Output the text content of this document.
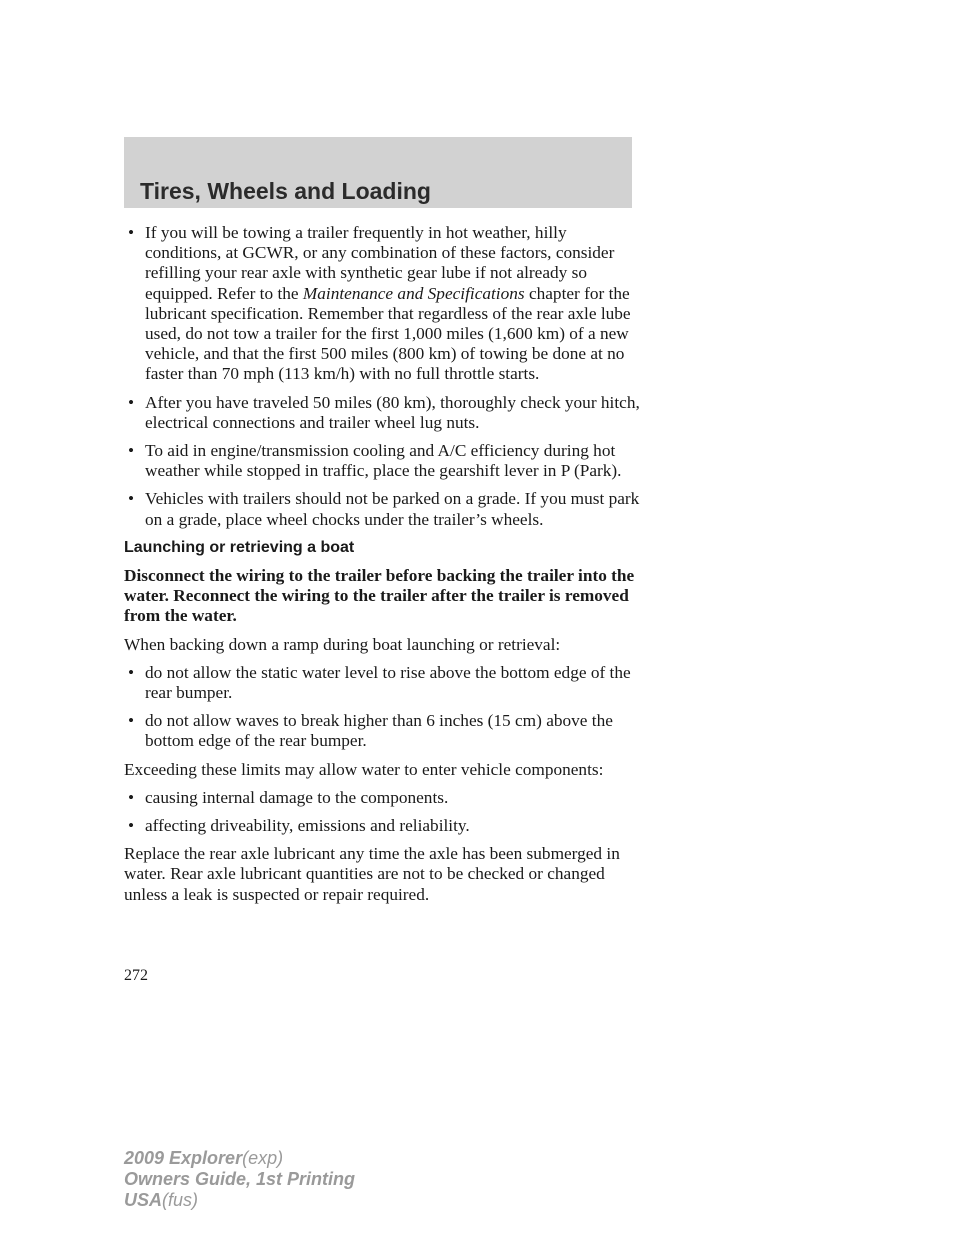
Tires, Wheels and Loading
• If you will be towing a trailer frequently in hot weather, hilly conditions, at GCWR, or any combination of these factors, consider refilling your rear axle with synthetic gear lube if not already so equipped. Refer to the Maintenance and Specifications chapter for the lubricant specification. Remember that regardless of the rear axle lube used, do not tow a trailer for the first 1,000 miles (1,600 km) of a new vehicle, and that the first 500 miles (800 km) of towing be done at no faster than 70 mph (113 km/h) with no full throttle starts.
• After you have traveled 50 miles (80 km), thoroughly check your hitch, electrical connections and trailer wheel lug nuts.
• To aid in engine/transmission cooling and A/C efficiency during hot weather while stopped in traffic, place the gearshift lever in P (Park).
• Vehicles with trailers should not be parked on a grade. If you must park on a grade, place wheel chocks under the trailer’s wheels.
Launching or retrieving a boat
Disconnect the wiring to the trailer before backing the trailer into the water. Reconnect the wiring to the trailer after the trailer is removed from the water.
When backing down a ramp during boat launching or retrieval:
• do not allow the static water level to rise above the bottom edge of the rear bumper.
• do not allow waves to break higher than 6 inches (15 cm) above the bottom edge of the rear bumper.
Exceeding these limits may allow water to enter vehicle components:
• causing internal damage to the components.
• affecting driveability, emissions and reliability.
Replace the rear axle lubricant any time the axle has been submerged in water. Rear axle lubricant quantities are not to be checked or changed unless a leak is suspected or repair required.
272
2009 Explorer(exp)
Owners Guide, 1st Printing
USA(fus)
